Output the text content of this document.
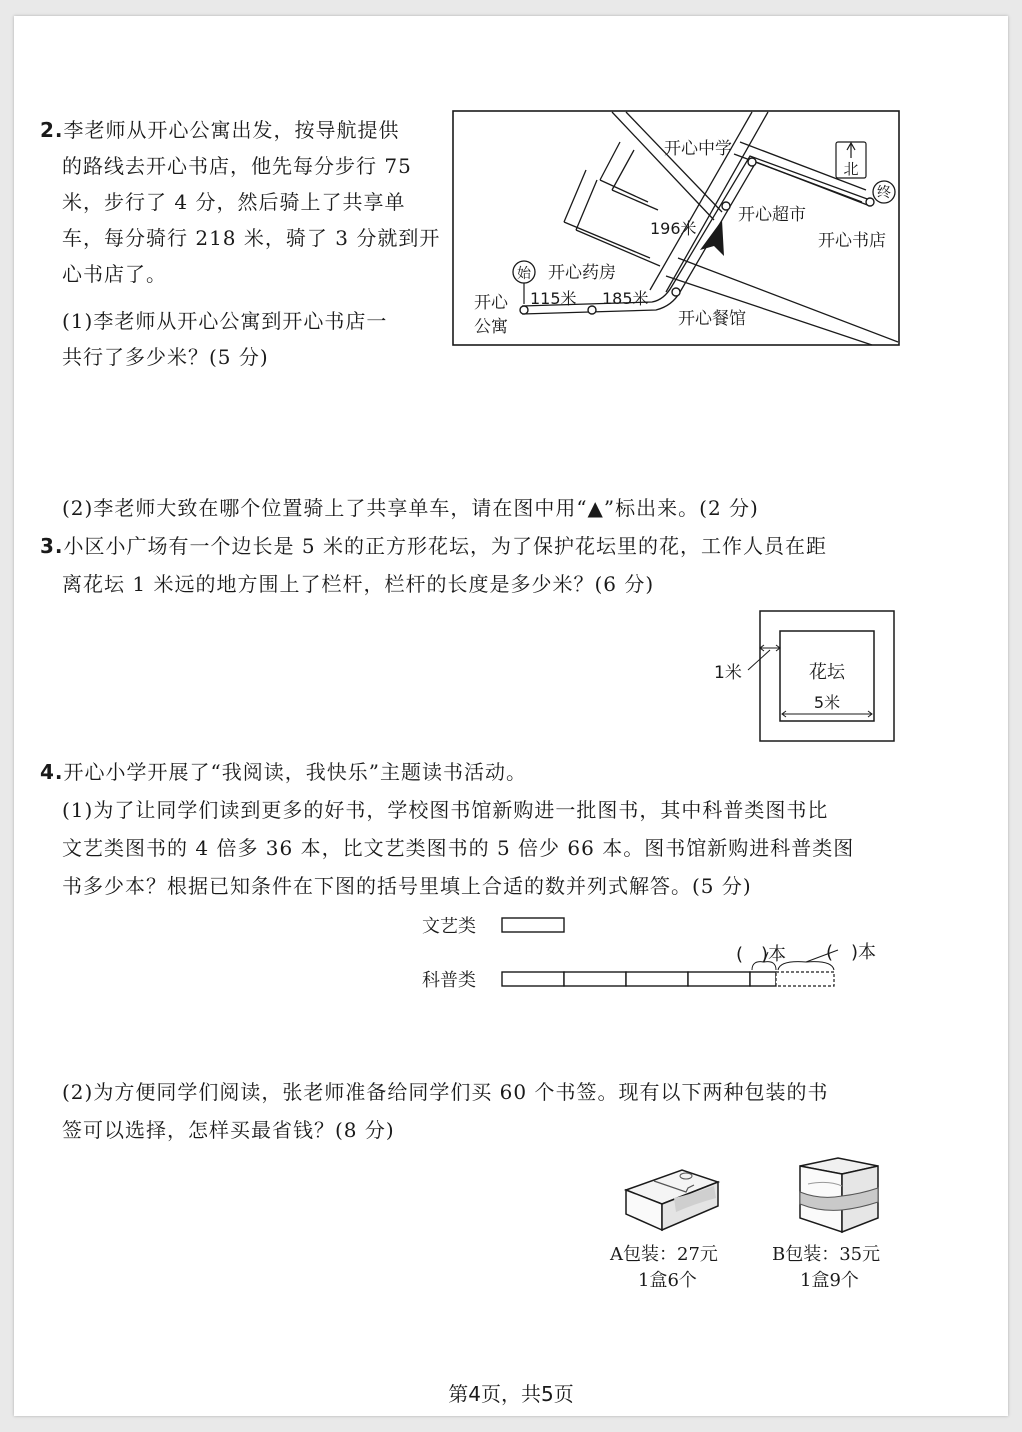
2.李老师从开心公寓出发，按导航提供
的路线去开心书店，他先每分步行 75
米，步行了 4 分，然后骑上了共享单
车，每分骑行 218 米，骑了 3 分就到开
心书店了。
(1)李老师从开心公寓到开心书店一
共行了多少米？(5 分)
北
始
终
开心中学
开心超市
开心书店
开心药房
开心
公寓	开心餐馆
115米 185米
196米
(2)李老师大致在哪个位置骑上了共享单车，请在图中用“▲”标出来。(2 分)
3.小区小广场有一个边长是 5 米的正方形花坛，为了保护花坛里的花，工作人员在距
离花坛 1 米远的地方围上了栏杆，栏杆的长度是多少米？(6 分)
1米	花坛
5米
4.开心小学开展了“我阅读，我快乐”主题读书活动。
(1)为了让同学们读到更多的好书，学校图书馆新购进一批图书，其中科普类图书比
文艺类图书的 4 倍多 36 本，比文艺类图书的 5 倍少 66 本。图书馆新购进科普类图
书多少本？根据已知条件在下图的括号里填上合适的数并列式解答。(5 分)
文艺类
科普类
(　)本 (　)本
(2)为方便同学们阅读，张老师准备给同学们买 60 个书签。现有以下两种包装的书
签可以选择，怎样买最省钱？(8 分)
A包装：27元
1盒6个
B包装：35元
1盒9个
第4页，共5页
